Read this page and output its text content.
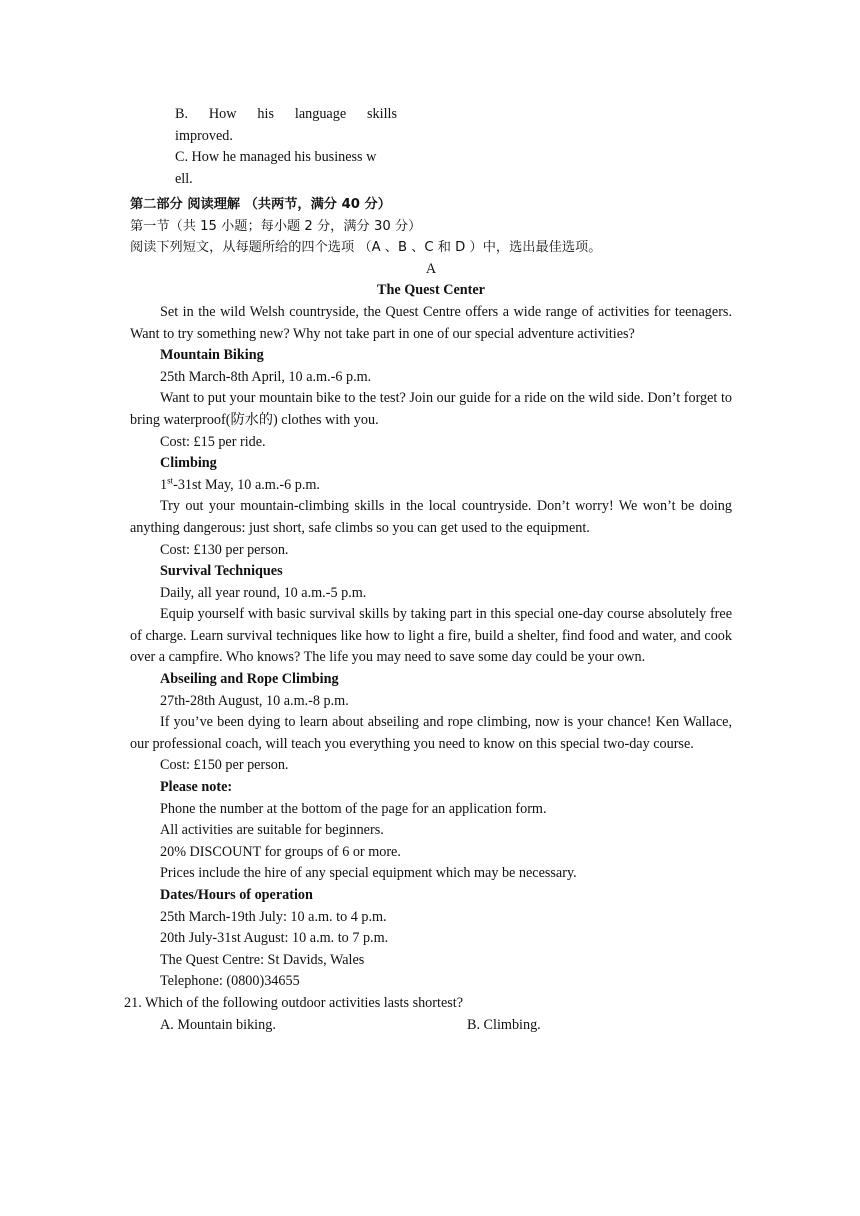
B. How his language skills

improved.

C. How he managed his business w

ell.

第二部分 阅读理解 （共两节，满分 40 分）

第一节（共 15 小题；每小题 2 分，满分 30 分）

阅读下列短文，从每题所给的四个选项 （A 、B 、C 和 D ）中，选出最佳选项。

A

The Quest Center

Set in the wild Welsh countryside, the Quest Centre offers a wide range of activities for teenagers. Want to try something new? Why not take part in one of our special adventure activities?

Mountain Biking

25th March-8th April, 10 a.m.-6 p.m.

Want to put your mountain bike to the test? Join our guide for a ride on the wild side. Don’t forget to bring waterproof(防水的) clothes with you.

Cost: £15 per ride.

Climbing

1st-31st May, 10 a.m.-6 p.m.

Try out your mountain-climbing skills in the local countryside. Don’t worry! We won’t be doing anything dangerous: just short, safe climbs so you can get used to the equipment.

Cost: £130 per person.

Survival Techniques

Daily, all year round, 10 a.m.-5 p.m.

Equip yourself with basic survival skills by taking part in this special one-day course absolutely free of charge. Learn survival techniques like how to light a fire, build a shelter, find food and water, and cook over a campfire. Who knows? The life you may need to save some day could be your own.

Abseiling and Rope Climbing

27th-28th August, 10 a.m.-8 p.m.

If you’ve been dying to learn about abseiling and rope climbing, now is your chance! Ken Wallace, our professional coach, will teach you everything you need to know on this special two-day course.

Cost: £150 per person.

Please note:

Phone the number at the bottom of the page for an application form.

All activities are suitable for beginners.

20% DISCOUNT for groups of 6 or more.

Prices include the hire of any special equipment which may be necessary.

Dates/Hours of operation

25th March-19th July: 10 a.m. to 4 p.m.

20th July-31st August: 10 a.m. to 7 p.m.

The Quest Centre: St Davids, Wales

Telephone: (0800)34655

21. Which of the following outdoor activities lasts shortest?

A. Mountain biking.	B. Climbing.
